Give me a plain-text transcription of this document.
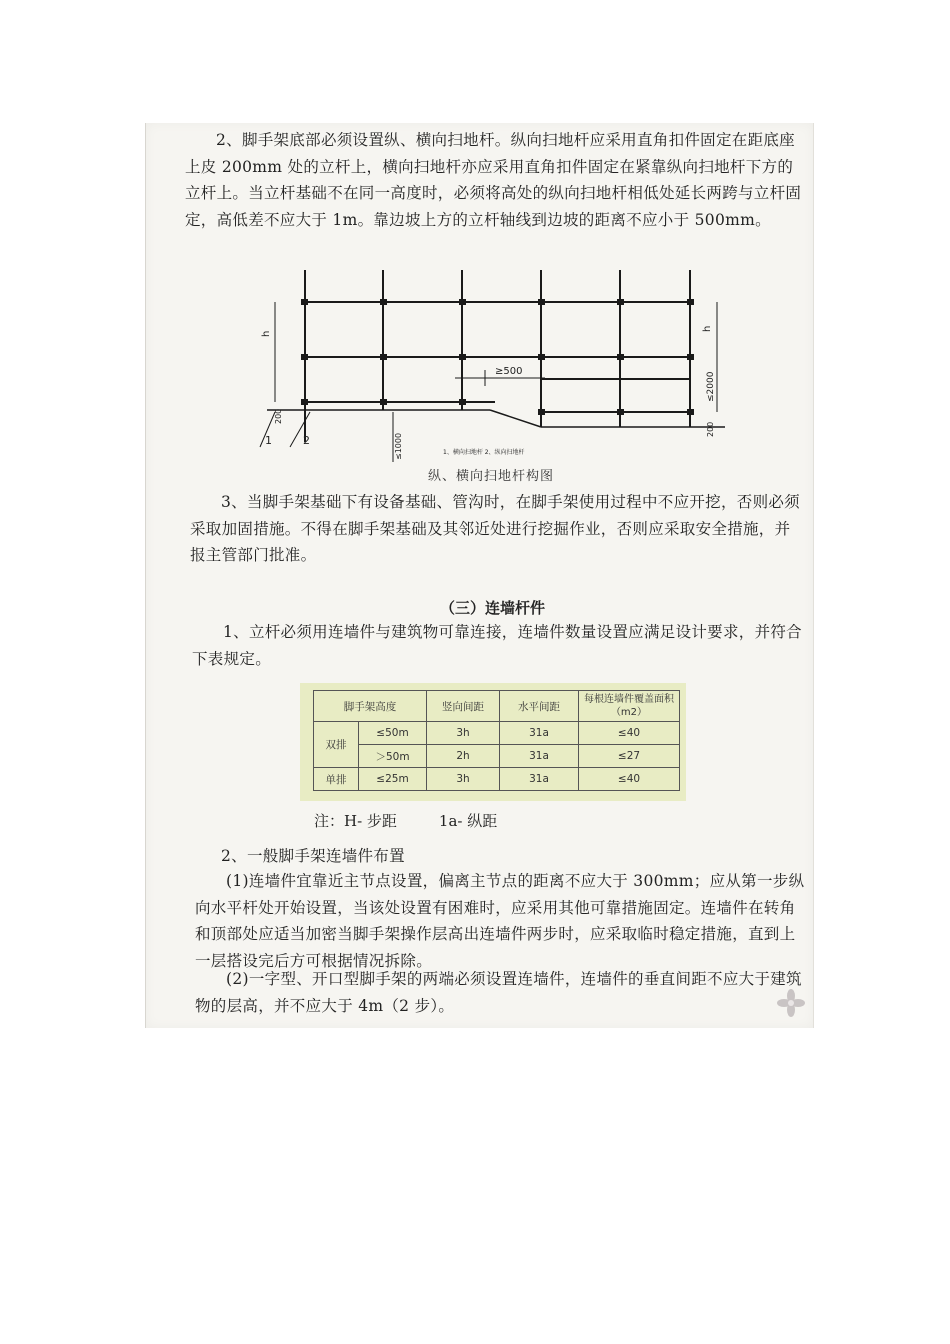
2、脚手架底部必须设置纵、横向扫地杆。纵向扫地杆应采用直角扣件固定在距底座上皮 200mm 处的立杆上，横向扫地杆亦应采用直角扣件固定在紧靠纵向扫地杆下方的立杆上。当立杆基础不在同一高度时，必须将高处的纵向扫地杆相低处延长两跨与立杆固定，高低差不应大于 1m。靠边坡上方的立杆轴线到边坡的距离不应小于 500mm。

h
h
≥500
≤2000
200
200
≤1000
1	2
1、横向扫地杆 2、纵向扫地杆
纵、横向扫地杆构图

3、当脚手架基础下有设备基础、管沟时，在脚手架使用过程中不应开挖，否则必须采取加固措施。不得在脚手架基础及其邻近处进行挖掘作业，否则应采取安全措施，并报主管部门批准。

（三）连墙杆件

1、立杆必须用连墙件与建筑物可靠连接，连墙件数量设置应满足设计要求，并符合下表规定。

脚手架高度		竖向间距	水平间距	每根连墙件覆盖面积（m2）
双排	≤50m	3h	31a	≤40
	＞50m	2h	31a	≤27
单排	≤25m	3h	31a	≤40
注：H- 步距	1a- 纵距

2、一般脚手架连墙件布置

(1)连墙件宜靠近主节点设置，偏离主节点的距离不应大于 300mm；应从第一步纵向水平杆处开始设置，当该处设置有困难时，应采用其他可靠措施固定。连墙件在转角和顶部处应适当加密当脚手架操作层高出连墙件两步时，应采取临时稳定措施，直到上一层搭设完后方可根据情况拆除。

(2)一字型、开口型脚手架的两端必须设置连墙件，连墙件的垂直间距不应大于建筑物的层高，并不应大于 4m（2 步）。
